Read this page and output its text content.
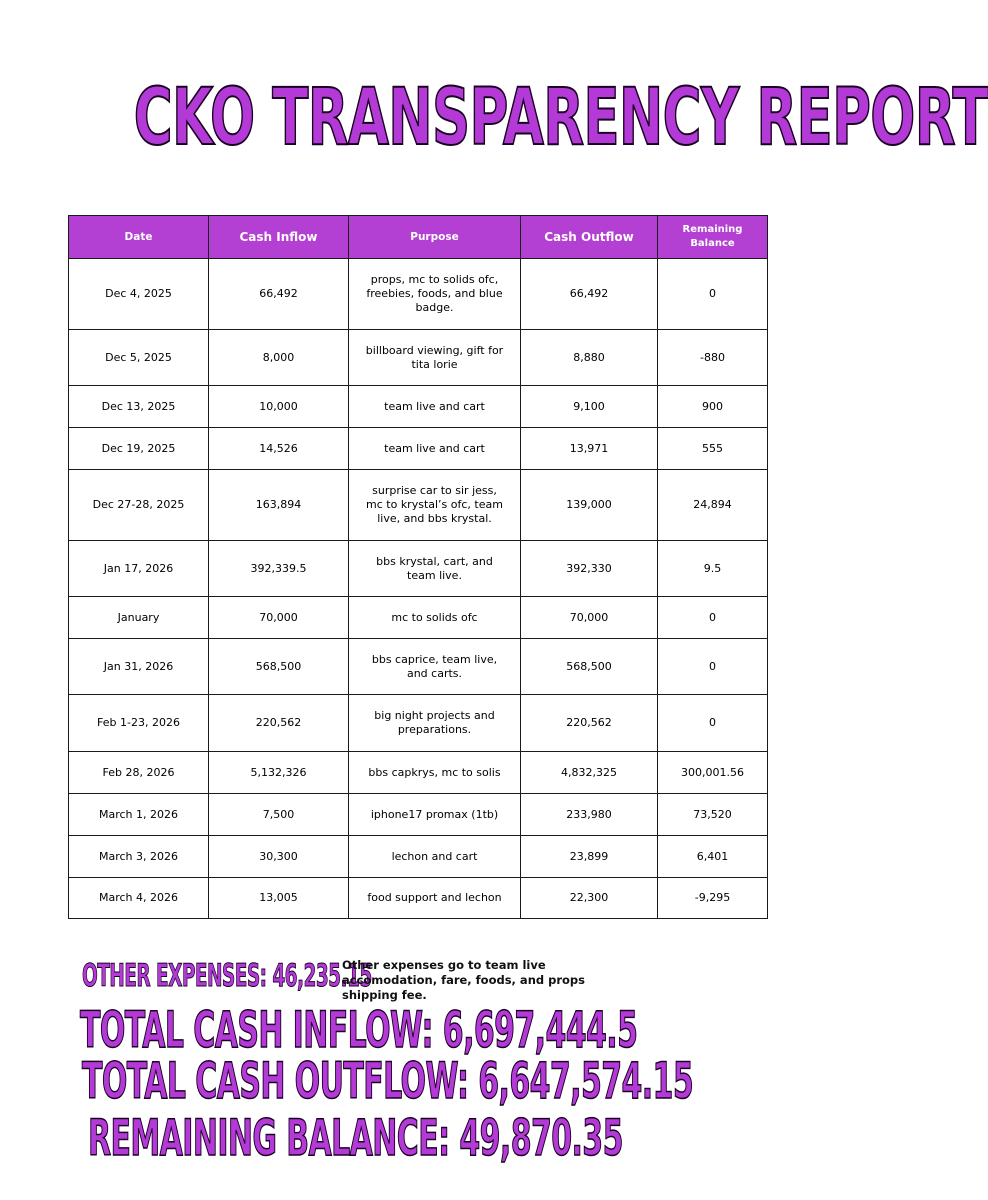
CKO TRANSPARENCY REPORT
Date	Cash Inflow	Purpose	Cash Outflow	Remaining Balance
Dec 4, 2025	66,492	props, mc to solids ofc, freebies, foods, and blue badge.	66,492	0
Dec 5, 2025	8,000	billboard viewing, gift for tita lorie	8,880	-880
Dec 13, 2025	10,000	team live and cart	9,100	900
Dec 19, 2025	14,526	team live and cart	13,971	555
Dec 27-28, 2025	163,894	surprise car to sir jess, mc to krystal’s ofc, team live, and bbs krystal.	139,000	24,894
Jan 17, 2026	392,339.5	bbs krystal, cart, and team live.	392,330	9.5
January	70,000	mc to solids ofc	70,000	0
Jan 31, 2026	568,500	bbs caprice, team live, and carts.	568,500	0
Feb 1-23, 2026	220,562	big night projects and preparations.	220,562	0
Feb 28, 2026	5,132,326	bbs capkrys, mc to solis	4,832,325	300,001.56
March 1, 2026	7,500	iphone17 promax (1tb)	233,980	73,520
March 3, 2026	30,300	lechon and cart	23,899	6,401
March 4, 2026	13,005	food support and lechon	22,300	-9,295
OTHER EXPENSES: 46,235.15
Other expenses go to team live accomodation, fare, foods, and props shipping fee.
TOTAL CASH INFLOW: 6,697,444.5
TOTAL CASH OUTFLOW: 6,647,574.15
REMAINING BALANCE: 49,870.35
